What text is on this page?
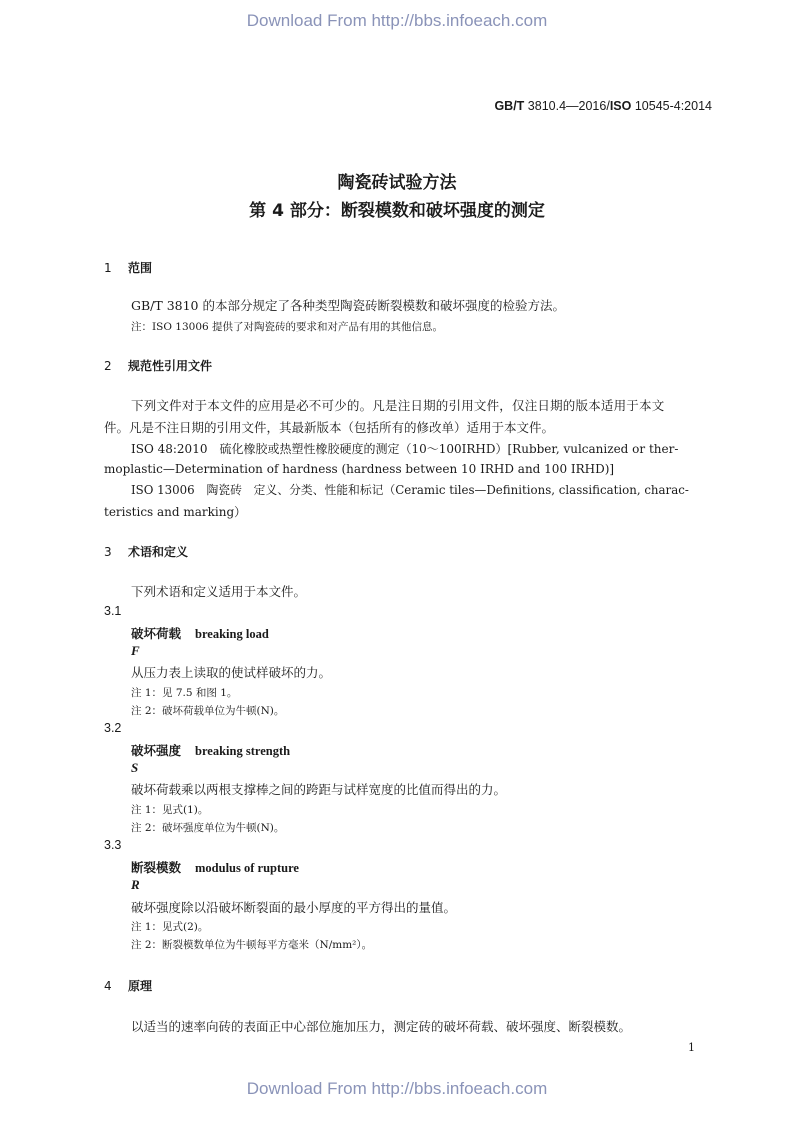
Download From http://bbs.infoeach.com
Download From http://bbs.infoeach.com
GB/T 3810.4—2016/ISO 10545-4:2014
陶瓷砖试验方法
第 4 部分：断裂模数和破坏强度的测定
1 范围
GB/T 3810 的本部分规定了各种类型陶瓷砖断裂模数和破坏强度的检验方法。
注：ISO 13006 提供了对陶瓷砖的要求和对产品有用的其他信息。
2 规范性引用文件
下列文件对于本文件的应用是必不可少的。凡是注日期的引用文件，仅注日期的版本适用于本文
件。凡是不注日期的引用文件，其最新版本（包括所有的修改单）适用于本文件。
ISO 48:2010　硫化橡胶或热塑性橡胶硬度的测定（10～100IRHD）[Rubber, vulcanized or ther-
moplastic—Determination of hardness (hardness between 10 IRHD and 100 IRHD)]
ISO 13006　陶瓷砖　定义、分类、性能和标记（Ceramic tiles—Definitions, classification, charac-
teristics and marking）
3 术语和定义
下列术语和定义适用于本文件。
3.1
破坏荷载 breaking load
F
从压力表上读取的使试样破坏的力。
注 1：见 7.5 和图 1。
注 2：破坏荷载单位为牛顿(N)。
3.2
破坏强度 breaking strength
S
破坏荷载乘以两根支撑棒之间的跨距与试样宽度的比值而得出的力。
注 1：见式(1)。
注 2：破坏强度单位为牛顿(N)。
3.3
断裂模数 modulus of rupture
R
破坏强度除以沿破坏断裂面的最小厚度的平方得出的量值。
注 1：见式(2)。
注 2：断裂模数单位为牛顿每平方毫米（N/mm²）。
4 原理
以适当的速率向砖的表面正中心部位施加压力，测定砖的破坏荷载、破坏强度、断裂模数。
1
